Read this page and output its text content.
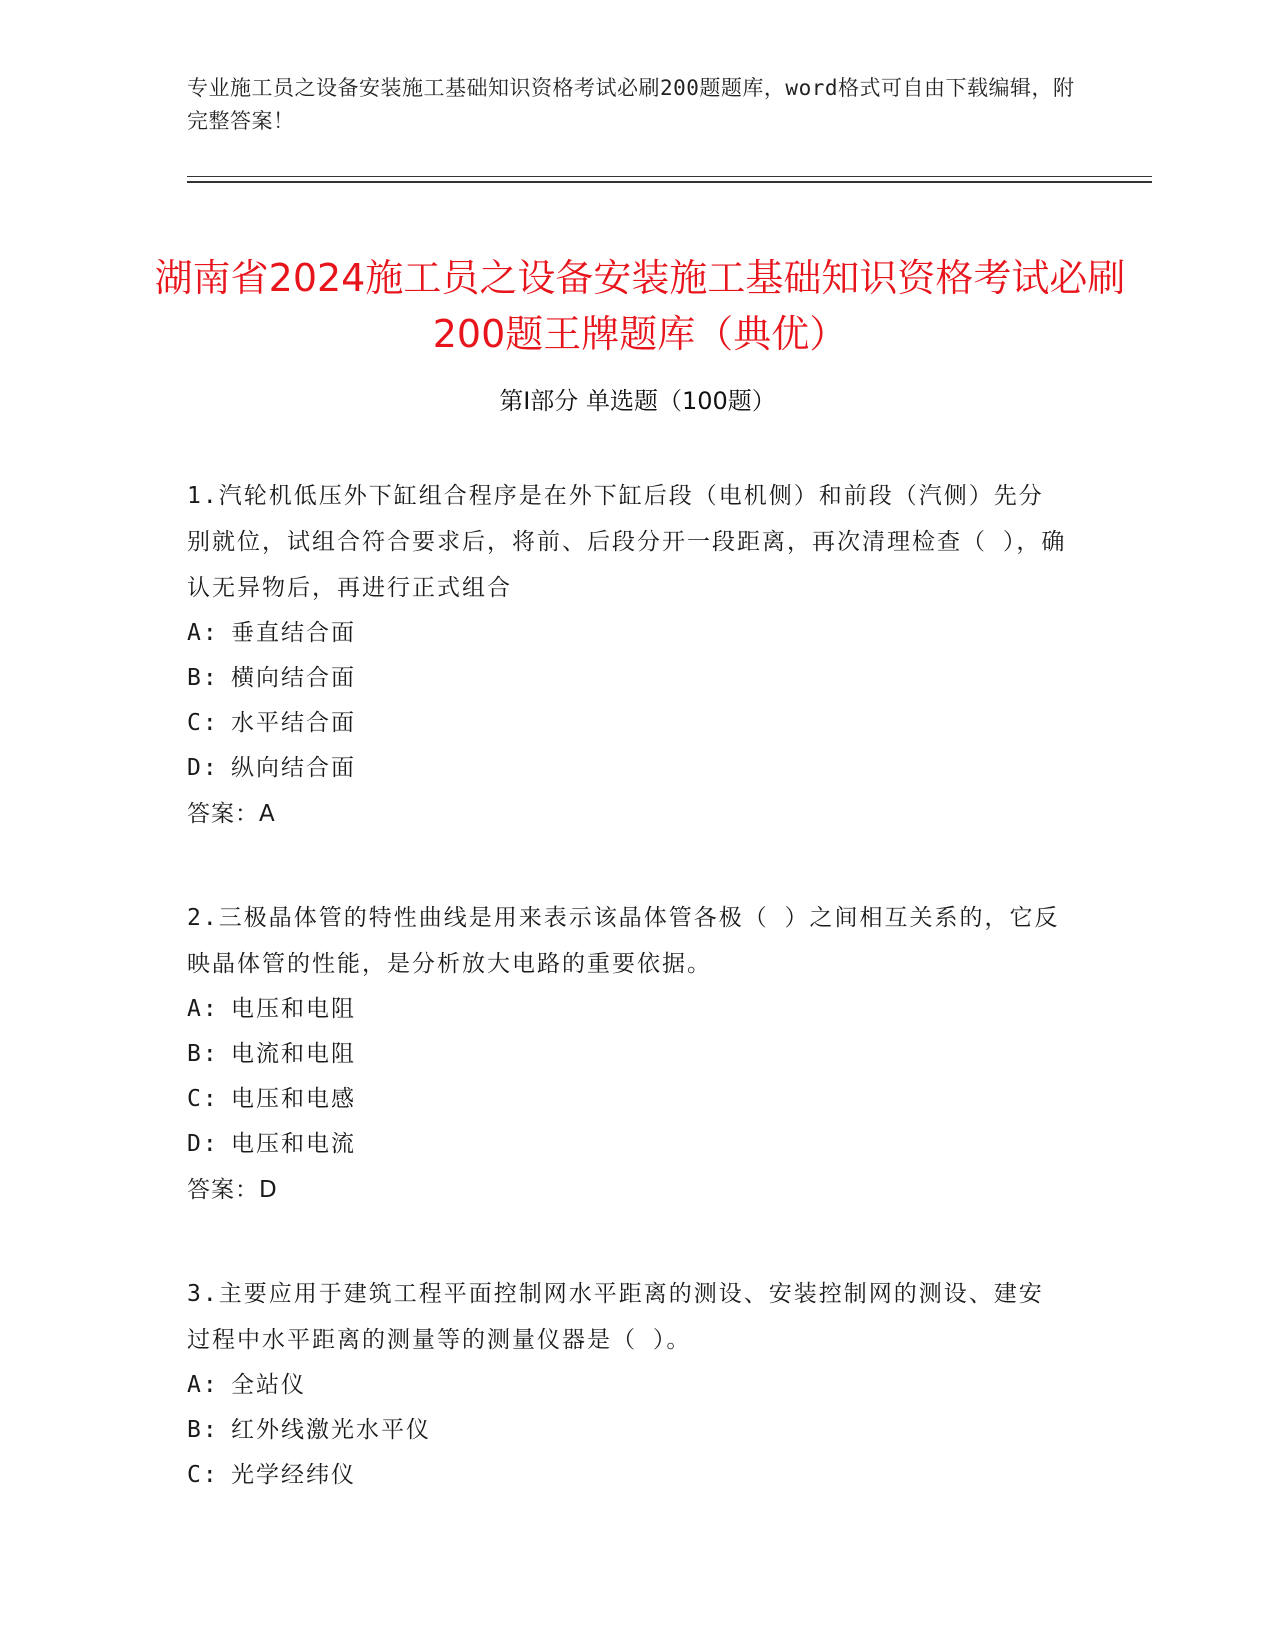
专业施工员之设备安装施工基础知识资格考试必刷200题题库，word格式可自由下载编辑，附完整答案！
湖南省2024施工员之设备安装施工基础知识资格考试必刷200题王牌题库（典优）
第Ⅰ部分 单选题（100题）
1.汽轮机低压外下缸组合程序是在外下缸后段（电机侧）和前段（汽侧）先分别就位，试组合符合要求后，将前、后段分开一段距离，再次清理检查（ ），确认无异物后，再进行正式组合
A: 垂直结合面
B: 横向结合面
C: 水平结合面
D: 纵向结合面
答案：A
2.三极晶体管的特性曲线是用来表示该晶体管各极（ ）之间相互关系的，它反映晶体管的性能，是分析放大电路的重要依据。
A: 电压和电阻
B: 电流和电阻
C: 电压和电感
D: 电压和电流
答案：D
3.主要应用于建筑工程平面控制网水平距离的测设、安装控制网的测设、建安过程中水平距离的测量等的测量仪器是（ ）。
A: 全站仪
B: 红外线激光水平仪
C: 光学经纬仪
